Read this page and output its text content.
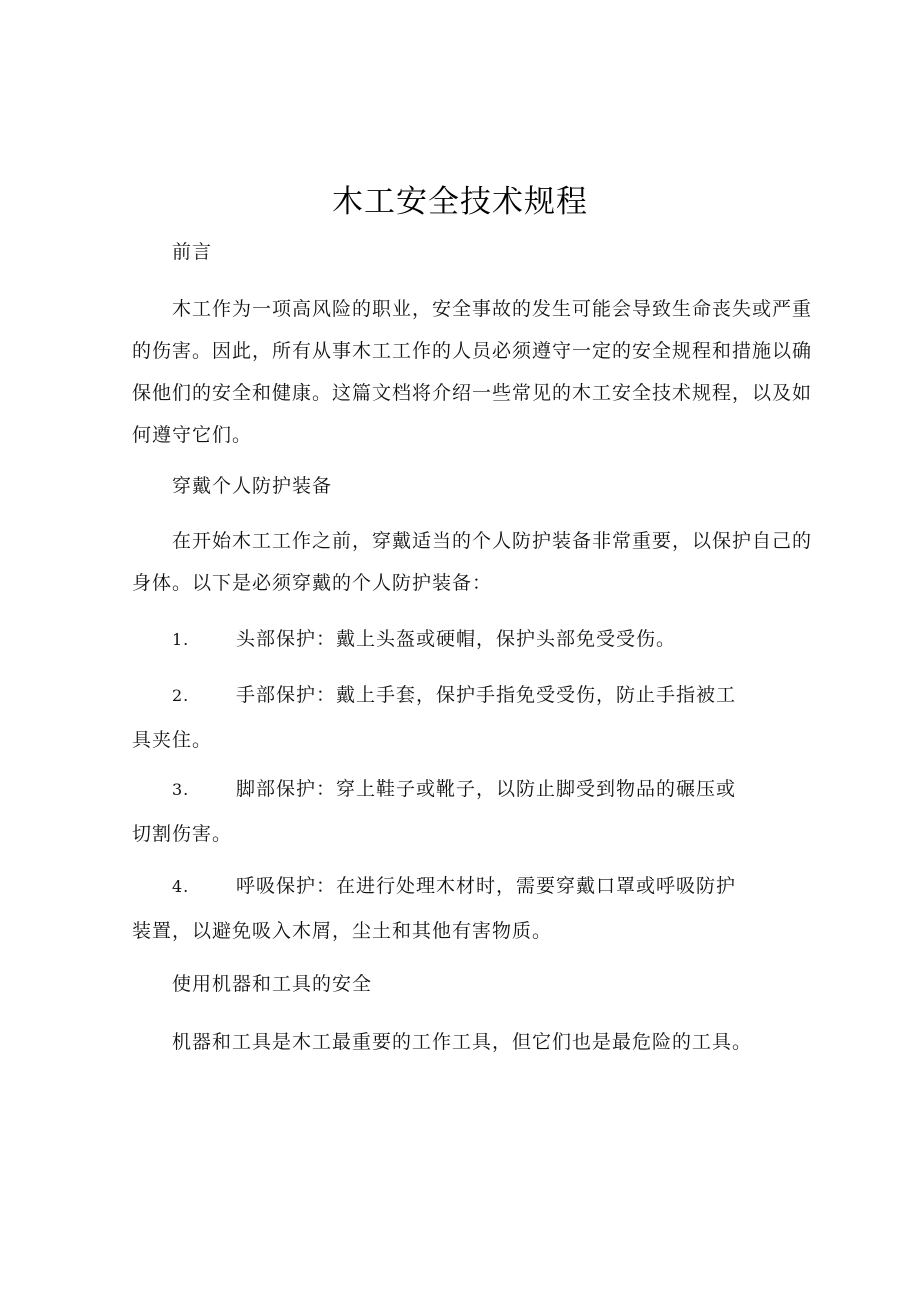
木工安全技术规程
前言
木工作为一项高风险的职业，安全事故的发生可能会导致生命丧失或严重的伤害。因此，所有从事木工工作的人员必须遵守一定的安全规程和措施以确保他们的安全和健康。这篇文档将介绍一些常见的木工安全技术规程，以及如何遵守它们。
穿戴个人防护装备
在开始木工工作之前，穿戴适当的个人防护装备非常重要，以保护自己的身体。以下是必须穿戴的个人防护装备：
1. 头部保护：戴上头盔或硬帽，保护头部免受受伤。
2. 手部保护：戴上手套，保护手指免受受伤，防止手指被工具夹住。
3. 脚部保护：穿上鞋子或靴子，以防止脚受到物品的碾压或切割伤害。
4. 呼吸保护：在进行处理木材时，需要穿戴口罩或呼吸防护装置，以避免吸入木屑，尘土和其他有害物质。
使用机器和工具的安全
机器和工具是木工最重要的工作工具，但它们也是最危险的工具。
